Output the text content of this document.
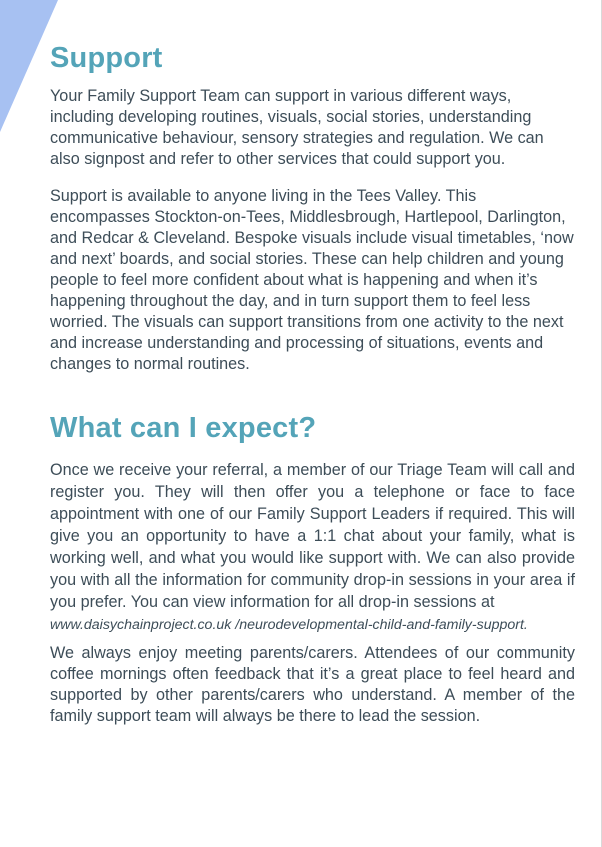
Support

Your Family Support Team can support in various different ways, including developing routines, visuals, social stories, understanding communicative behaviour, sensory strategies and regulation. We can also signpost and refer to other services that could support you.

Support is available to anyone living in the Tees Valley. This encompasses Stockton-on-Tees, Middlesbrough, Hartlepool, Darlington, and Redcar & Cleveland. Bespoke visuals include visual timetables, ‘now and next’ boards, and social stories. These can help children and young people to feel more confident about what is happening and when it’s happening throughout the day, and in turn support them to feel less worried. The visuals can support transitions from one activity to the next and increase understanding and processing of situations, events and changes to normal routines.

What can I expect?

Once we receive your referral, a member of our Triage Team will call and register you. They will then offer you a telephone or face to face appointment with one of our Family Support Leaders if required. This will give you an opportunity to have a 1:1 chat about your family, what is working well, and what you would like support with. We can also provide you with all the information for community drop-in sessions in your area if you prefer. You can view information for all drop-in sessions at

www.daisychainproject.co.uk /neurodevelopmental-child-and-family-support.

We always enjoy meeting parents/carers. Attendees of our community coffee mornings often feedback that it’s a great place to feel heard and supported by other parents/carers who understand. A member of the family support team will always be there to lead the session.
